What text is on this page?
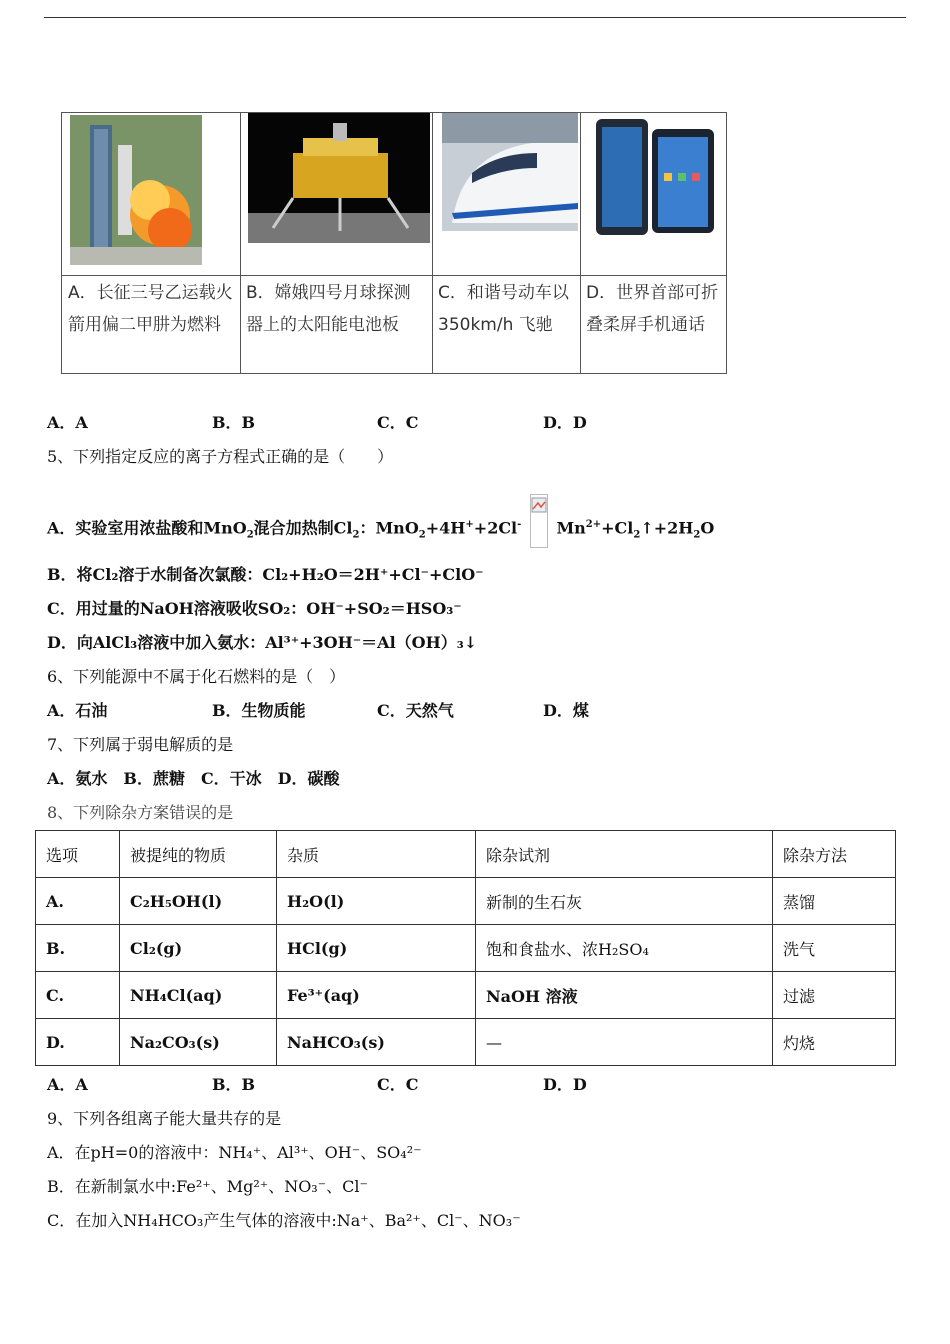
A．长征三号乙运载火箭用偏二甲肼为燃料
B．嫦娥四号月球探测器上的太阳能电池板
C．和谐号动车以350km/h 飞驰
D．世界首部可折叠柔屏手机通话
A．A	B．B	C．C	D．D
5、下列指定反应的离子方程式正确的是（　　）
A．实验室用浓盐酸和MnO$_2$混合加热制$Cl_2$：MnO$_2$+4H++2Cl- $Mn^{2+}+Cl_2↑+2H_2O$
B．将Cl₂溶于水制备次氯酸：Cl₂+H₂O＝2H⁺+Cl⁻+ClO⁻
C．用过量的NaOH溶液吸收SO₂：OH⁻+SO₂＝HSO₃⁻
D．向AlCl₃溶液中加入氨水：Al³⁺+3OH⁻＝Al（OH）₃↓
6、下列能源中不属于化石燃料的是（　）
A．石油	B．生物质能	C．天然气	D．煤
7、下列属于弱电解质的是
A．氨水　B．蔗糖　C．干冰　D．碳酸
8、下列除杂方案错误的是
选项	被提纯的物质	杂质	除杂试剂	除杂方法
A.	C₂H₅OH(l)	H₂O(l)	新制的生石灰	蒸馏
B.	Cl₂(g)	HCl(g)	饱和食盐水、浓H₂SO₄	洗气
C.	NH₄Cl(aq)	Fe³⁺(aq)	NaOH 溶液	过滤
D.	Na₂CO₃(s)	NaHCO₃(s)	—	灼烧
A．A	B．B	C．C	D．D
9、下列各组离子能大量共存的是
A．在pH=0的溶液中：NH₄⁺、Al³⁺、OH⁻、SO₄²⁻
B．在新制氯水中:Fe²⁺、Mg²⁺、NO₃⁻、Cl⁻
C．在加入NH₄HCO₃产生气体的溶液中:Na⁺、Ba²⁺、Cl⁻、NO₃⁻
